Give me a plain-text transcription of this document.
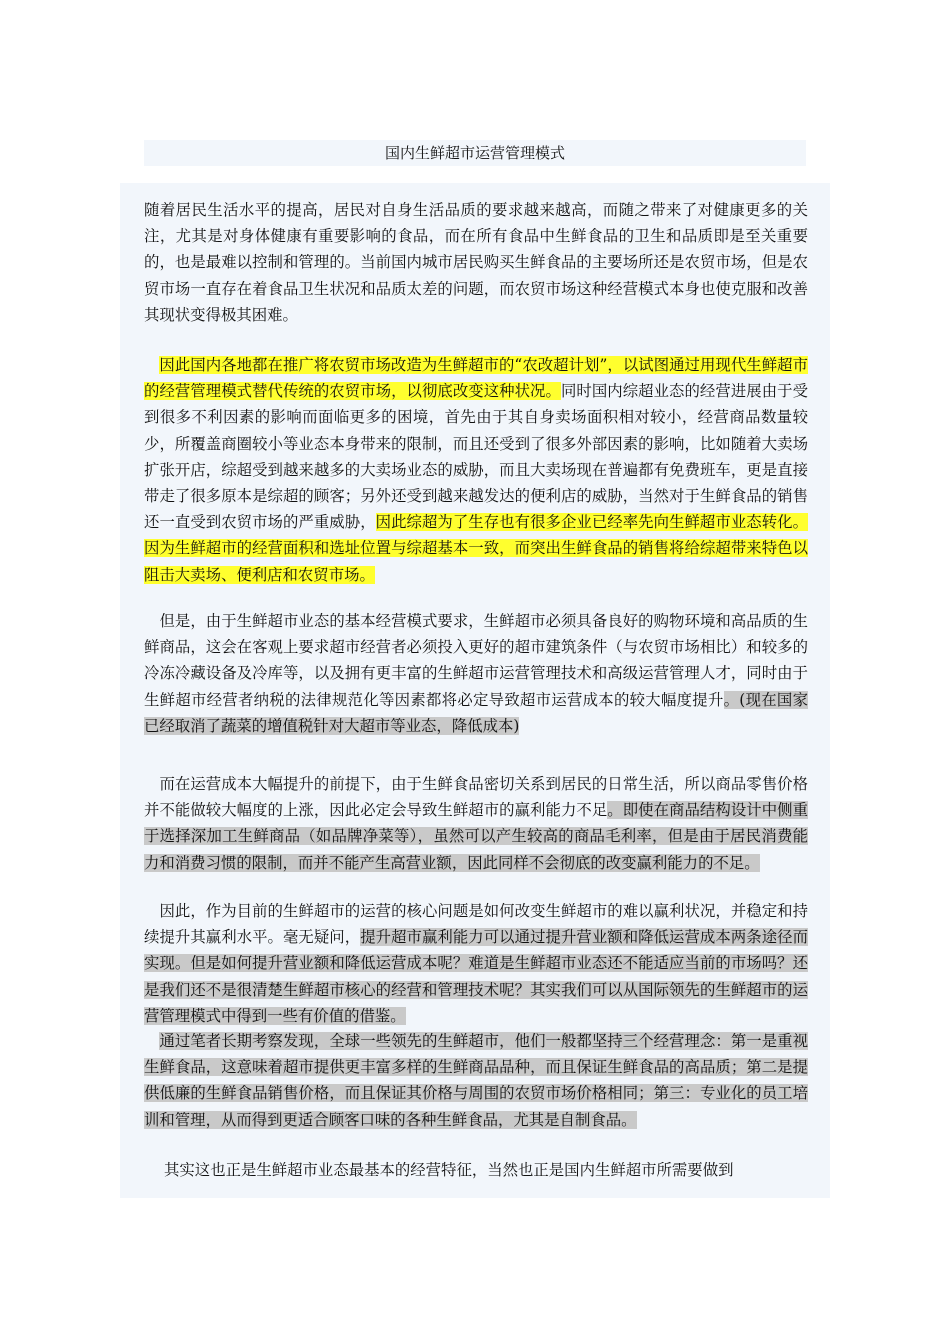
国内生鲜超市运营管理模式

随着居民生活水平的提高，居民对自身生活品质的要求越来越高，而随之带来了对健康更多的关注，尤其是对身体健康有重要影响的食品，而在所有食品中生鲜食品的卫生和品质即是至关重要的，也是最难以控制和管理的。当前国内城市居民购买生鲜食品的主要场所还是农贸市场，但是农贸市场一直存在着食品卫生状况和品质太差的问题，而农贸市场这种经营模式本身也使克服和改善其现状变得极其困难。

因此国内各地都在推广将农贸市场改造为生鲜超市的“农改超计划”，以试图通过用现代生鲜超市的经营管理模式替代传统的农贸市场，以彻底改变这种状况。同时国内综超业态的经营进展由于受到很多不利因素的影响而面临更多的困境，首先由于其自身卖场面积相对较小，经营商品数量较少，所覆盖商圈较小等业态本身带来的限制，而且还受到了很多外部因素的影响，比如随着大卖场扩张开店，综超受到越来越多的大卖场业态的威胁，而且大卖场现在普遍都有免费班车，更是直接带走了很多原本是综超的顾客；另外还受到越来越发达的便利店的威胁，当然对于生鲜食品的销售还一直受到农贸市场的严重威胁，因此综超为了生存也有很多企业已经率先向生鲜超市业态转化。因为生鲜超市的经营面积和选址位置与综超基本一致，而突出生鲜食品的销售将给综超带来特色以阻击大卖场、便利店和农贸市场。

但是，由于生鲜超市业态的基本经营模式要求，生鲜超市必须具备良好的购物环境和高品质的生鲜商品，这会在客观上要求超市经营者必须投入更好的超市建筑条件（与农贸市场相比）和较多的冷冻冷藏设备及冷库等，以及拥有更丰富的生鲜超市运营管理技术和高级运营管理人才，同时由于生鲜超市经营者纳税的法律规范化等因素都将必定导致超市运营成本的较大幅度提升。(现在国家已经取消了蔬菜的增值税针对大超市等业态，降低成本)

而在运营成本大幅提升的前提下，由于生鲜食品密切关系到居民的日常生活，所以商品零售价格并不能做较大幅度的上涨，因此必定会导致生鲜超市的赢利能力不足。即使在商品结构设计中侧重于选择深加工生鲜商品（如品牌净菜等），虽然可以产生较高的商品毛利率，但是由于居民消费能力和消费习惯的限制，而并不能产生高营业额，因此同样不会彻底的改变赢利能力的不足。

因此，作为目前的生鲜超市的运营的核心问题是如何改变生鲜超市的难以赢利状况，并稳定和持续提升其赢利水平。毫无疑问，提升超市赢利能力可以通过提升营业额和降低运营成本两条途径而实现。但是如何提升营业额和降低运营成本呢？难道是生鲜超市业态还不能适应当前的市场吗？还是我们还不是很清楚生鲜超市核心的经营和管理技术呢？其实我们可以从国际领先的生鲜超市的运营管理模式中得到一些有价值的借鉴。

通过笔者长期考察发现，全球一些领先的生鲜超市，他们一般都坚持三个经营理念：第一是重视生鲜食品，这意味着超市提供更丰富多样的生鲜商品品种，而且保证生鲜食品的高品质；第二是提供低廉的生鲜食品销售价格，而且保证其价格与周围的农贸市场价格相同；第三：专业化的员工培训和管理，从而得到更适合顾客口味的各种生鲜食品，尤其是自制食品。

其实这也正是生鲜超市业态最基本的经营特征，当然也正是国内生鲜超市所需要做到
